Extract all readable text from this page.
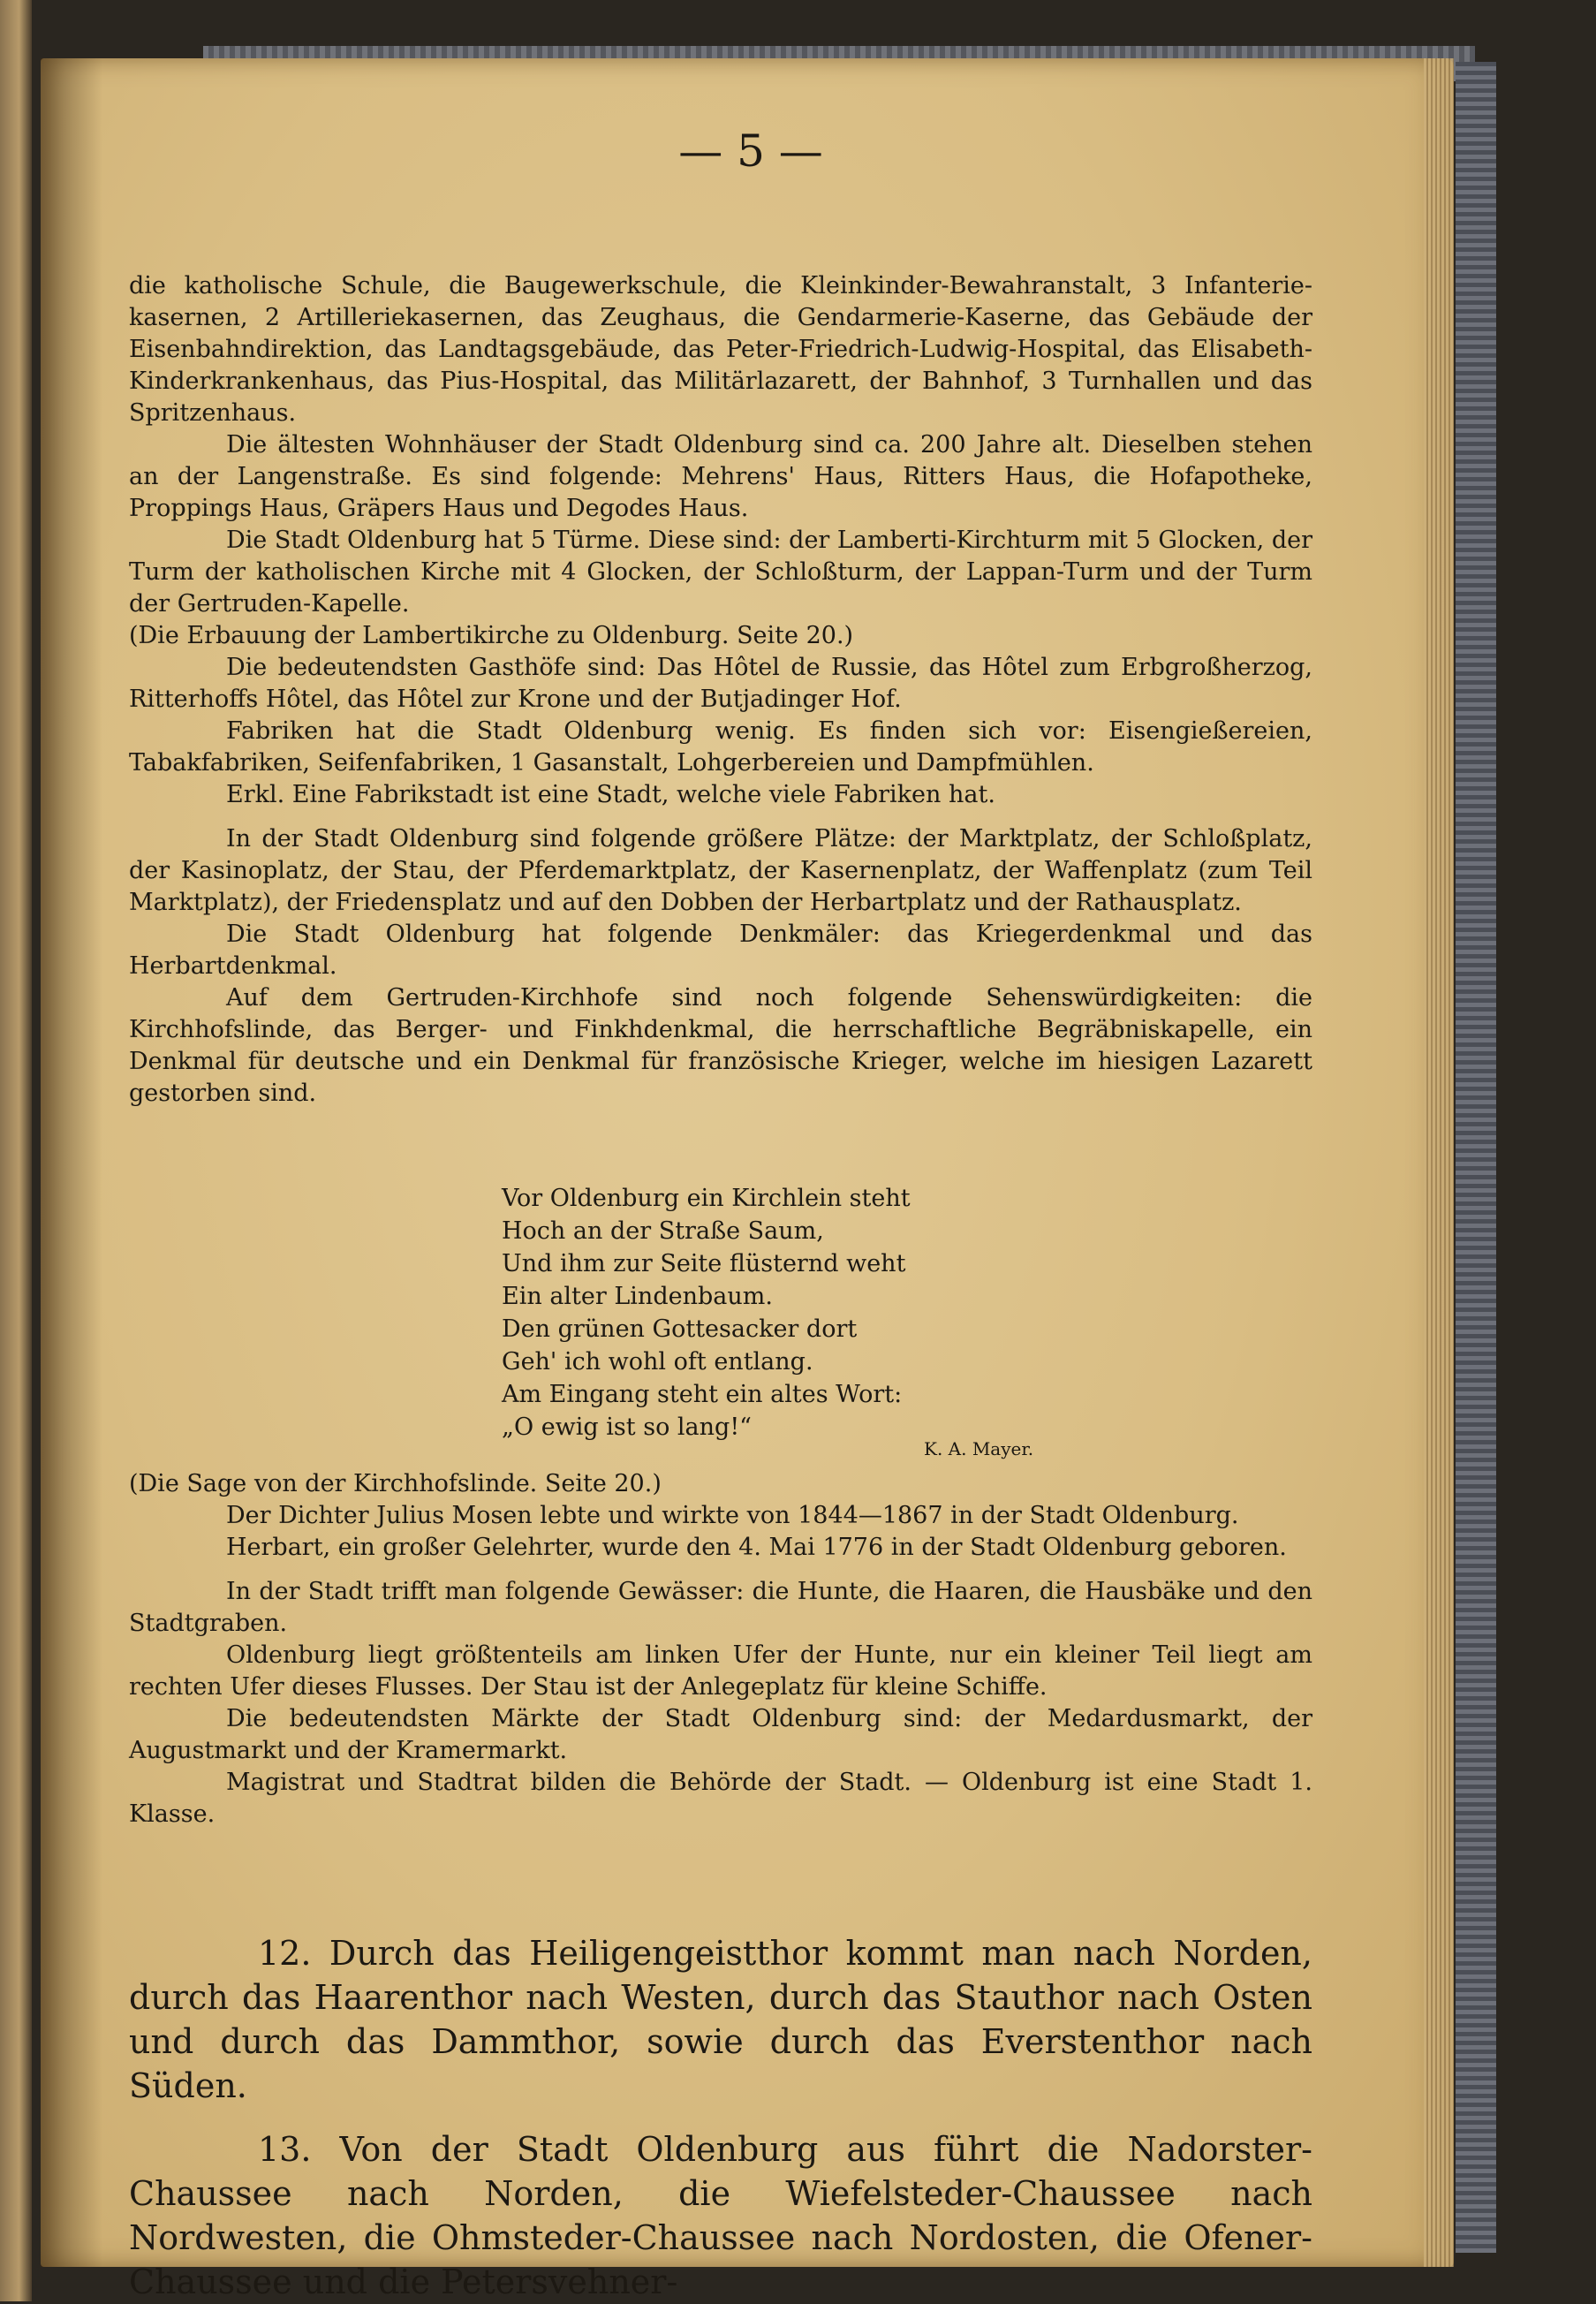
— 5 —

die katholische Schule, die Baugewerkschule, die Kleinkinder-Bewahranstalt, 3 Infanterie-kasernen, 2 Artilleriekasernen, das Zeughaus, die Gendarmerie-Kaserne, das Gebäude der Eisenbahndirektion, das Landtagsgebäude, das Peter-Friedrich-Ludwig-Hospital, das Elisabeth-Kinderkrankenhaus, das Pius-Hospital, das Militärlazarett, der Bahnhof, 3 Turnhallen und das Spritzenhaus.

Die ältesten Wohnhäuser der Stadt Oldenburg sind ca. 200 Jahre alt. Dieselben stehen an der Langenstraße. Es sind folgende: Mehrens' Haus, Ritters Haus, die Hofapotheke, Proppings Haus, Gräpers Haus und Degodes Haus.

Die Stadt Oldenburg hat 5 Türme. Diese sind: der Lamberti-Kirchturm mit 5 Glocken, der Turm der katholischen Kirche mit 4 Glocken, der Schloßturm, der Lappan-Turm und der Turm der Gertruden-Kapelle.

(Die Erbauung der Lambertikirche zu Oldenburg. Seite 20.)

Die bedeutendsten Gasthöfe sind: Das Hôtel de Russie, das Hôtel zum Erbgroßherzog, Ritterhoffs Hôtel, das Hôtel zur Krone und der Butjadinger Hof.

Fabriken hat die Stadt Oldenburg wenig. Es finden sich vor: Eisengießereien, Tabakfabriken, Seifenfabriken, 1 Gasanstalt, Lohgerbereien und Dampfmühlen.

Erkl. Eine Fabrikstadt ist eine Stadt, welche viele Fabriken hat.

In der Stadt Oldenburg sind folgende größere Plätze: der Marktplatz, der Schloßplatz, der Kasinoplatz, der Stau, der Pferdemarktplatz, der Kasernenplatz, der Waffenplatz (zum Teil Marktplatz), der Friedensplatz und auf den Dobben der Herbartplatz und der Rathausplatz.

Die Stadt Oldenburg hat folgende Denkmäler: das Kriegerdenkmal und das Herbartdenkmal.

Auf dem Gertruden-Kirchhofe sind noch folgende Sehenswürdigkeiten: die Kirchhofslinde, das Berger- und Finkhdenkmal, die herrschaftliche Begräbniskapelle, ein Denkmal für deutsche und ein Denkmal für französische Krieger, welche im hiesigen Lazarett gestorben sind.

Vor Oldenburg ein Kirchlein steht
Hoch an der Straße Saum,
Und ihm zur Seite flüsternd weht
Ein alter Lindenbaum.
Den grünen Gottesacker dort
Geh' ich wohl oft entlang.
Am Eingang steht ein altes Wort:
„O ewig ist so lang!“
K. A. Mayer.

(Die Sage von der Kirchhofslinde. Seite 20.)

Der Dichter Julius Mosen lebte und wirkte von 1844—1867 in der Stadt Oldenburg.

Herbart, ein großer Gelehrter, wurde den 4. Mai 1776 in der Stadt Oldenburg geboren.

In der Stadt trifft man folgende Gewässer: die Hunte, die Haaren, die Hausbäke und den Stadtgraben.

Oldenburg liegt größtenteils am linken Ufer der Hunte, nur ein kleiner Teil liegt am rechten Ufer dieses Flusses. Der Stau ist der Anlegeplatz für kleine Schiffe.

Die bedeutendsten Märkte der Stadt Oldenburg sind: der Medardusmarkt, der Augustmarkt und der Kramermarkt.

Magistrat und Stadtrat bilden die Behörde der Stadt. — Oldenburg ist eine Stadt 1. Klasse.

12. Durch das Heiligengeistthor kommt man nach Norden, durch das Haarenthor nach Westen, durch das Stauthor nach Osten und durch das Dammthor, sowie durch das Everstenthor nach Süden.

13. Von der Stadt Oldenburg aus führt die Nadorster-Chaussee nach Norden, die Wiefelsteder-Chaussee nach Nordwesten, die Ohmsteder-Chaussee nach Nordosten, die Ofener-Chaussee und die Petersvehner-
